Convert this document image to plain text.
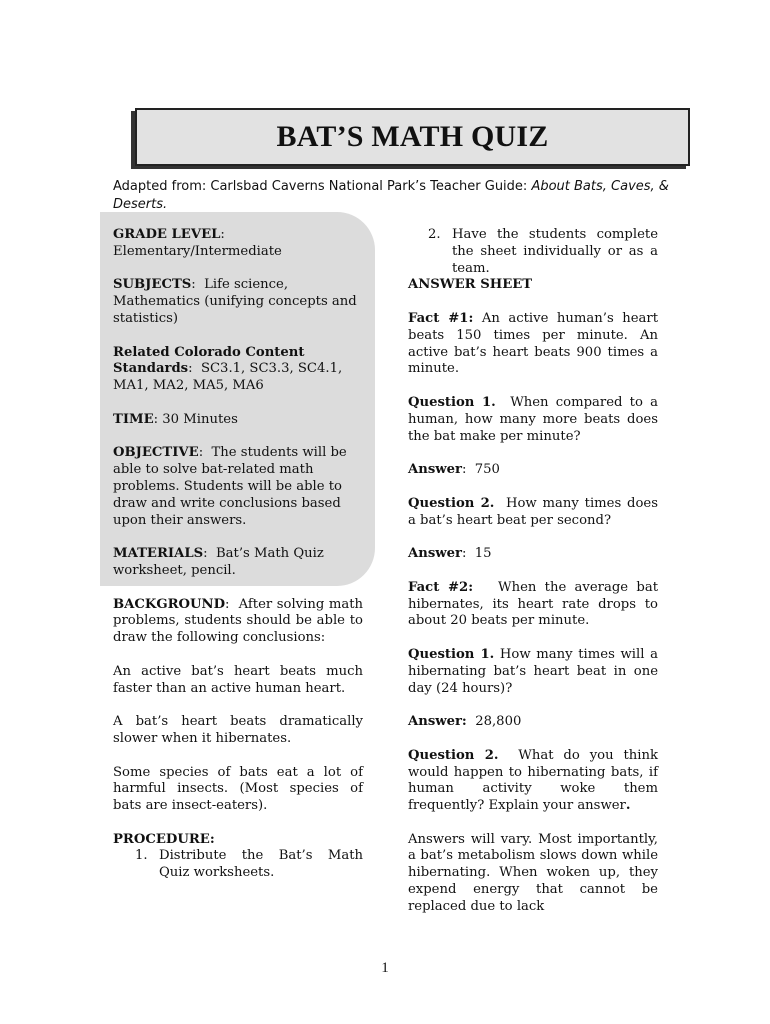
BAT’S MATH QUIZ
Adapted from: Carlsbad Caverns National Park’s Teacher Guide: About Bats, Caves, & Deserts.

GRADE LEVEL:
Elementary/Intermediate

SUBJECTS:  Life science, Mathematics (unifying concepts and statistics)

Related Colorado Content Standards:  SC3.1, SC3.3, SC4.1, MA1, MA2, MA5, MA6

TIME: 30 Minutes

OBJECTIVE:  The students will be able to solve bat-related math problems. Students will be able to draw and write conclusions based upon their answers.

MATERIALS:  Bat’s Math Quiz worksheet, pencil.

BACKGROUND:  After solving math problems, students should be able to draw the following conclusions:

An active bat’s heart beats much faster than an active human heart.

A bat’s heart beats dramatically slower when it hibernates.

Some species of bats eat a lot of harmful insects. (Most species of bats are insect-eaters).

PROCEDURE:

1. Distribute the Bat’s Math Quiz worksheets.
2. Have the students complete the sheet individually or as a team.

ANSWER SHEET

Fact #1: An active human’s heart beats 150 times per minute. An active bat’s heart beats 900 times a minute.

Question 1. When compared to a human, how many more beats does the bat make per minute?

Answer:  750

Question 2. How many times does a bat’s heart beat per second?

Answer:  15

Fact #2: When the average bat hibernates, its heart rate drops to about 20 beats per minute.

Question 1. How many times will a hibernating bat’s heart beat in one day (24 hours)?

Answer: 28,800

Question 2. What do you think would happen to hibernating bats, if human activity woke them frequently? Explain your answer.

Answers will vary. Most importantly, a bat’s metabolism slows down while hibernating. When woken up, they expend energy that cannot be replaced due to lack

1
